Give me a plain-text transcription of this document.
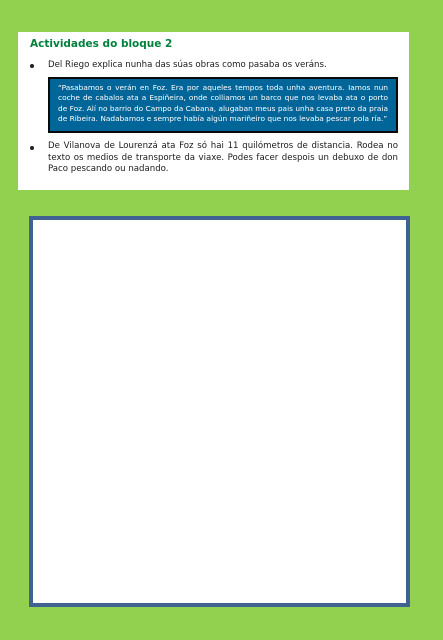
Actividades do bloque 2
Del Riego explica nunha das súas obras como pasaba os veráns.
“Pasabamos o verán en Foz. Era por aqueles tempos toda unha aventura. Iamos nun coche de cabalos ata a Espiñeira, onde colliamos un barco que nos levaba ata o porto de Foz. Alí no barrio do Campo da Cabana, alugaban meus pais unha casa preto da praia de Ribeira. Nadabamos e sempre había algún mariñeiro que nos levaba pescar pola ría.”
De Vilanova de Lourenzá ata Foz só hai 11 quilómetros de distancia. Rodea no texto os medios de transporte da viaxe. Podes facer despois un debuxo de don Paco pescando ou nadando.
